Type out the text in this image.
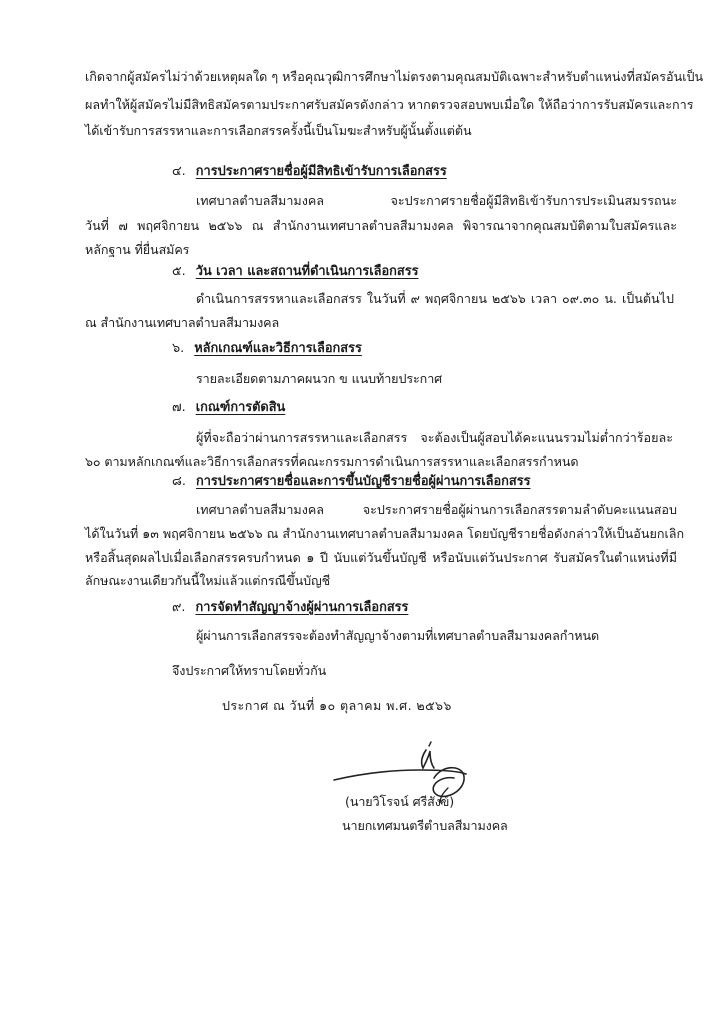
เกิดจากผู้สมัครไม่ว่าด้วยเหตุผลใด ๆ หรือคุณวุฒิการศึกษาไม่ตรงตามคุณสมบัติเฉพาะสำหรับตำแหน่งที่สมัครอันเป็น
ผลทำให้ผู้สมัครไม่มีสิทธิสมัครตามประกาศรับสมัครดังกล่าว หากตรวจสอบพบเมื่อใด ให้ถือว่าการรับสมัครและการ
ได้เข้ารับการสรรหาและการเลือกสรรครั้งนี้เป็นโมฆะสำหรับผู้นั้นตั้งแต่ต้น
๔. การประกาศรายชื่อผู้มีสิทธิเข้ารับการเลือกสรร
เทศบาลตำบลสีมามงคล จะประกาศรายชื่อผู้มีสิทธิเข้ารับการประเมินสมรรถนะ
วันที่ ๗ พฤศจิกายน ๒๕๖๖ ณ สำนักงานเทศบาลตำบลสีมามงคล พิจารณาจากคุณสมบัติตามใบสมัครและ
หลักฐาน ที่ยื่นสมัคร
๕. วัน เวลา และสถานที่ดำเนินการเลือกสรร
ดำเนินการสรรหาและเลือกสรร ในวันที่ ๙ พฤศจิกายน ๒๕๖๖ เวลา ๐๙.๓๐ น. เป็นต้นไป
ณ สำนักงานเทศบาลตำบลสีมามงคล
๖. หลักเกณฑ์และวิธีการเลือกสรร
รายละเอียดตามภาคผนวก ข แนบท้ายประกาศ
๗. เกณฑ์การตัดสิน
ผู้ที่จะถือว่าผ่านการสรรหาและเลือกสรร จะต้องเป็นผู้สอบได้คะแนนรวมไม่ต่ำกว่าร้อยละ
๖๐ ตามหลักเกณฑ์และวิธีการเลือกสรรที่คณะกรรมการดำเนินการสรรหาและเลือกสรรกำหนด
๘. การประกาศรายชื่อและการขึ้นบัญชีรายชื่อผู้ผ่านการเลือกสรร
เทศบาลตำบลสีมามงคล จะประกาศรายชื่อผู้ผ่านการเลือกสรรตามลำดับคะแนนสอบ
ได้ในวันที่ ๑๓ พฤศจิกายน ๒๕๖๖ ณ สำนักงานเทศบาลตำบลสีมามงคล โดยบัญชีรายชื่อดังกล่าวให้เป็นอันยกเลิก
หรือสิ้นสุดผลไปเมื่อเลือกสรรครบกำหนด ๑ ปี นับแต่วันขึ้นบัญชี หรือนับแต่วันประกาศ รับสมัครในตำแหน่งที่มี
ลักษณะงานเดียวกันนี้ใหม่แล้วแต่กรณีขึ้นบัญชี
๙. การจัดทำสัญญาจ้างผู้ผ่านการเลือกสรร
ผู้ผ่านการเลือกสรรจะต้องทำสัญญาจ้างตามที่เทศบาลตำบลสีมามงคลกำหนด
จึงประกาศให้ทราบโดยทั่วกัน
ประกาศ ณ วันที่ ๑๐ ตุลาคม พ.ศ. ๒๕๖๖
(นายวิโรจน์ ศรีสังข์)
นายกเทศมนตรีตำบลสีมามงคล
